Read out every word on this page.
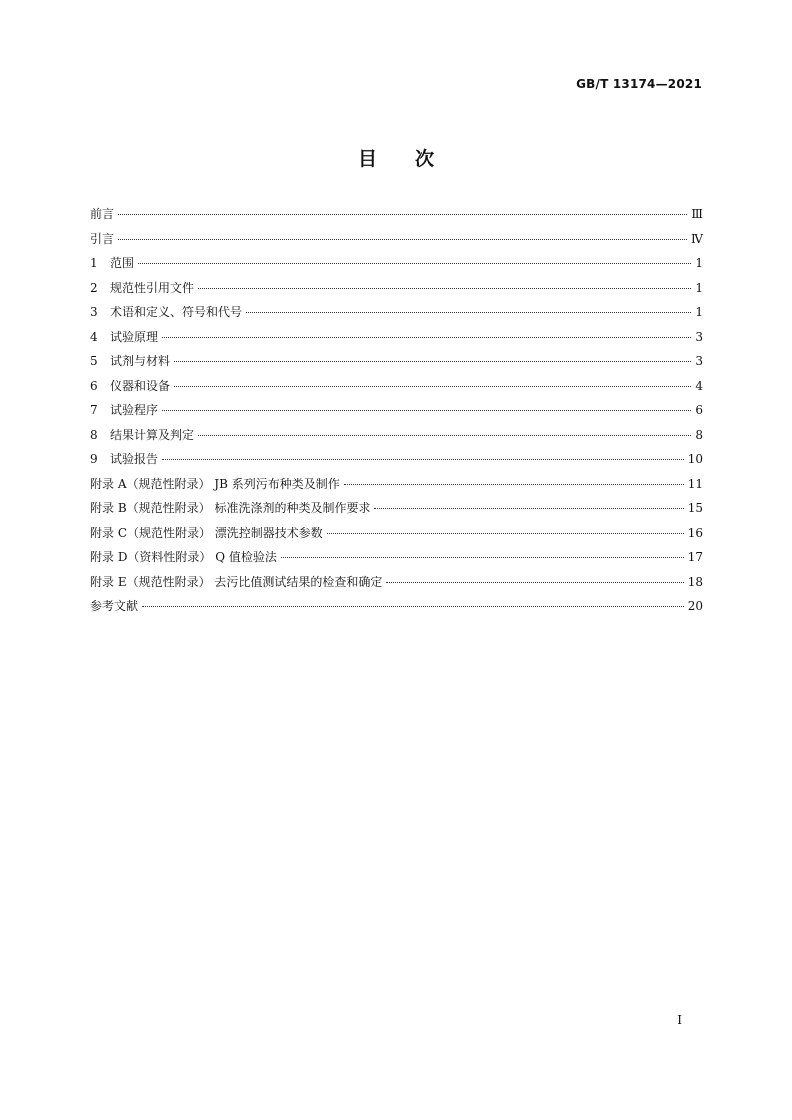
GB/T 13174—2021
目次
前言	Ⅲ
引言	Ⅳ
1	范围	1
2	规范性引用文件	1
3	术语和定义、符号和代号	1
4	试验原理	3
5	试剂与材料	3
6	仪器和设备	4
7	试验程序	6
8	结果计算及判定	8
9	试验报告	10
附录 A（规范性附录） JB 系列污布种类及制作	11
附录 B（规范性附录） 标准洗涤剂的种类及制作要求	15
附录 C（规范性附录） 漂洗控制器技术参数	16
附录 D（资料性附录） Q 值检验法	17
附录 E（规范性附录） 去污比值测试结果的检查和确定	18
参考文献	20
I
